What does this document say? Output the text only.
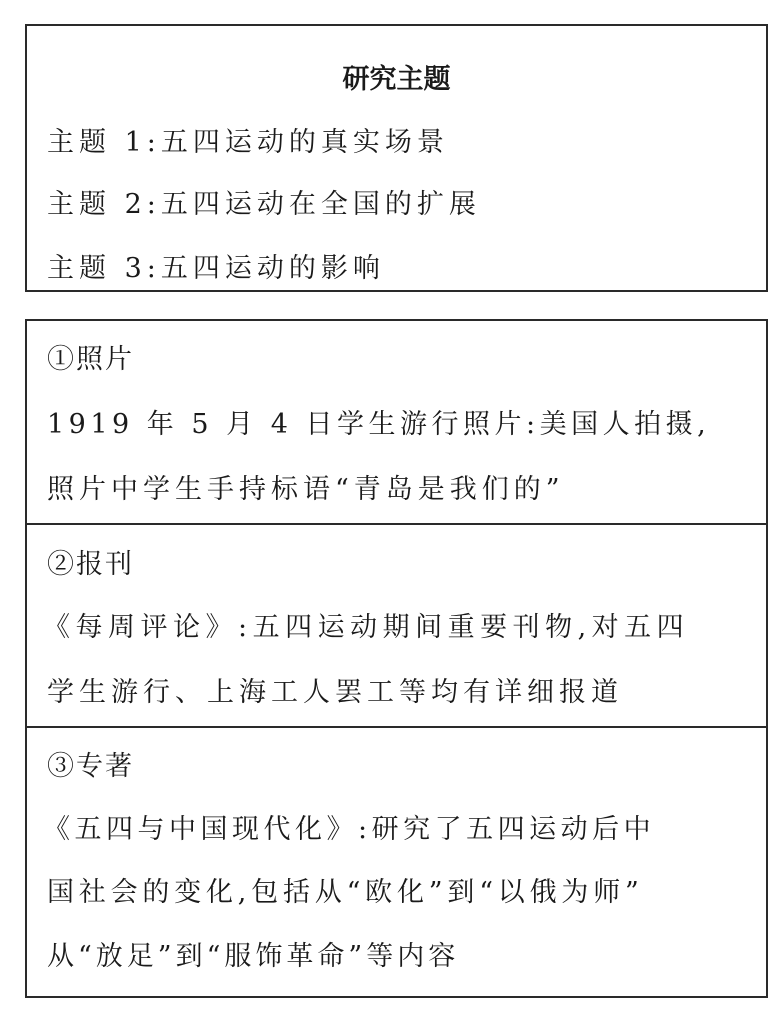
研究主题
主题 1:五四运动的真实场景
主题 2:五四运动在全国的扩展
主题 3:五四运动的影响
①照片
1919 年 5 月 4 日学生游行照片:美国人拍摄,
照片中学生手持标语“青岛是我们的”
②报刊
《每周评论》:五四运动期间重要刊物,对五四
学生游行、上海工人罢工等均有详细报道
③专著
《五四与中国现代化》:研究了五四运动后中
国社会的变化,包括从“欧化”到“以俄为师”
从“放足”到“服饰革命”等内容
